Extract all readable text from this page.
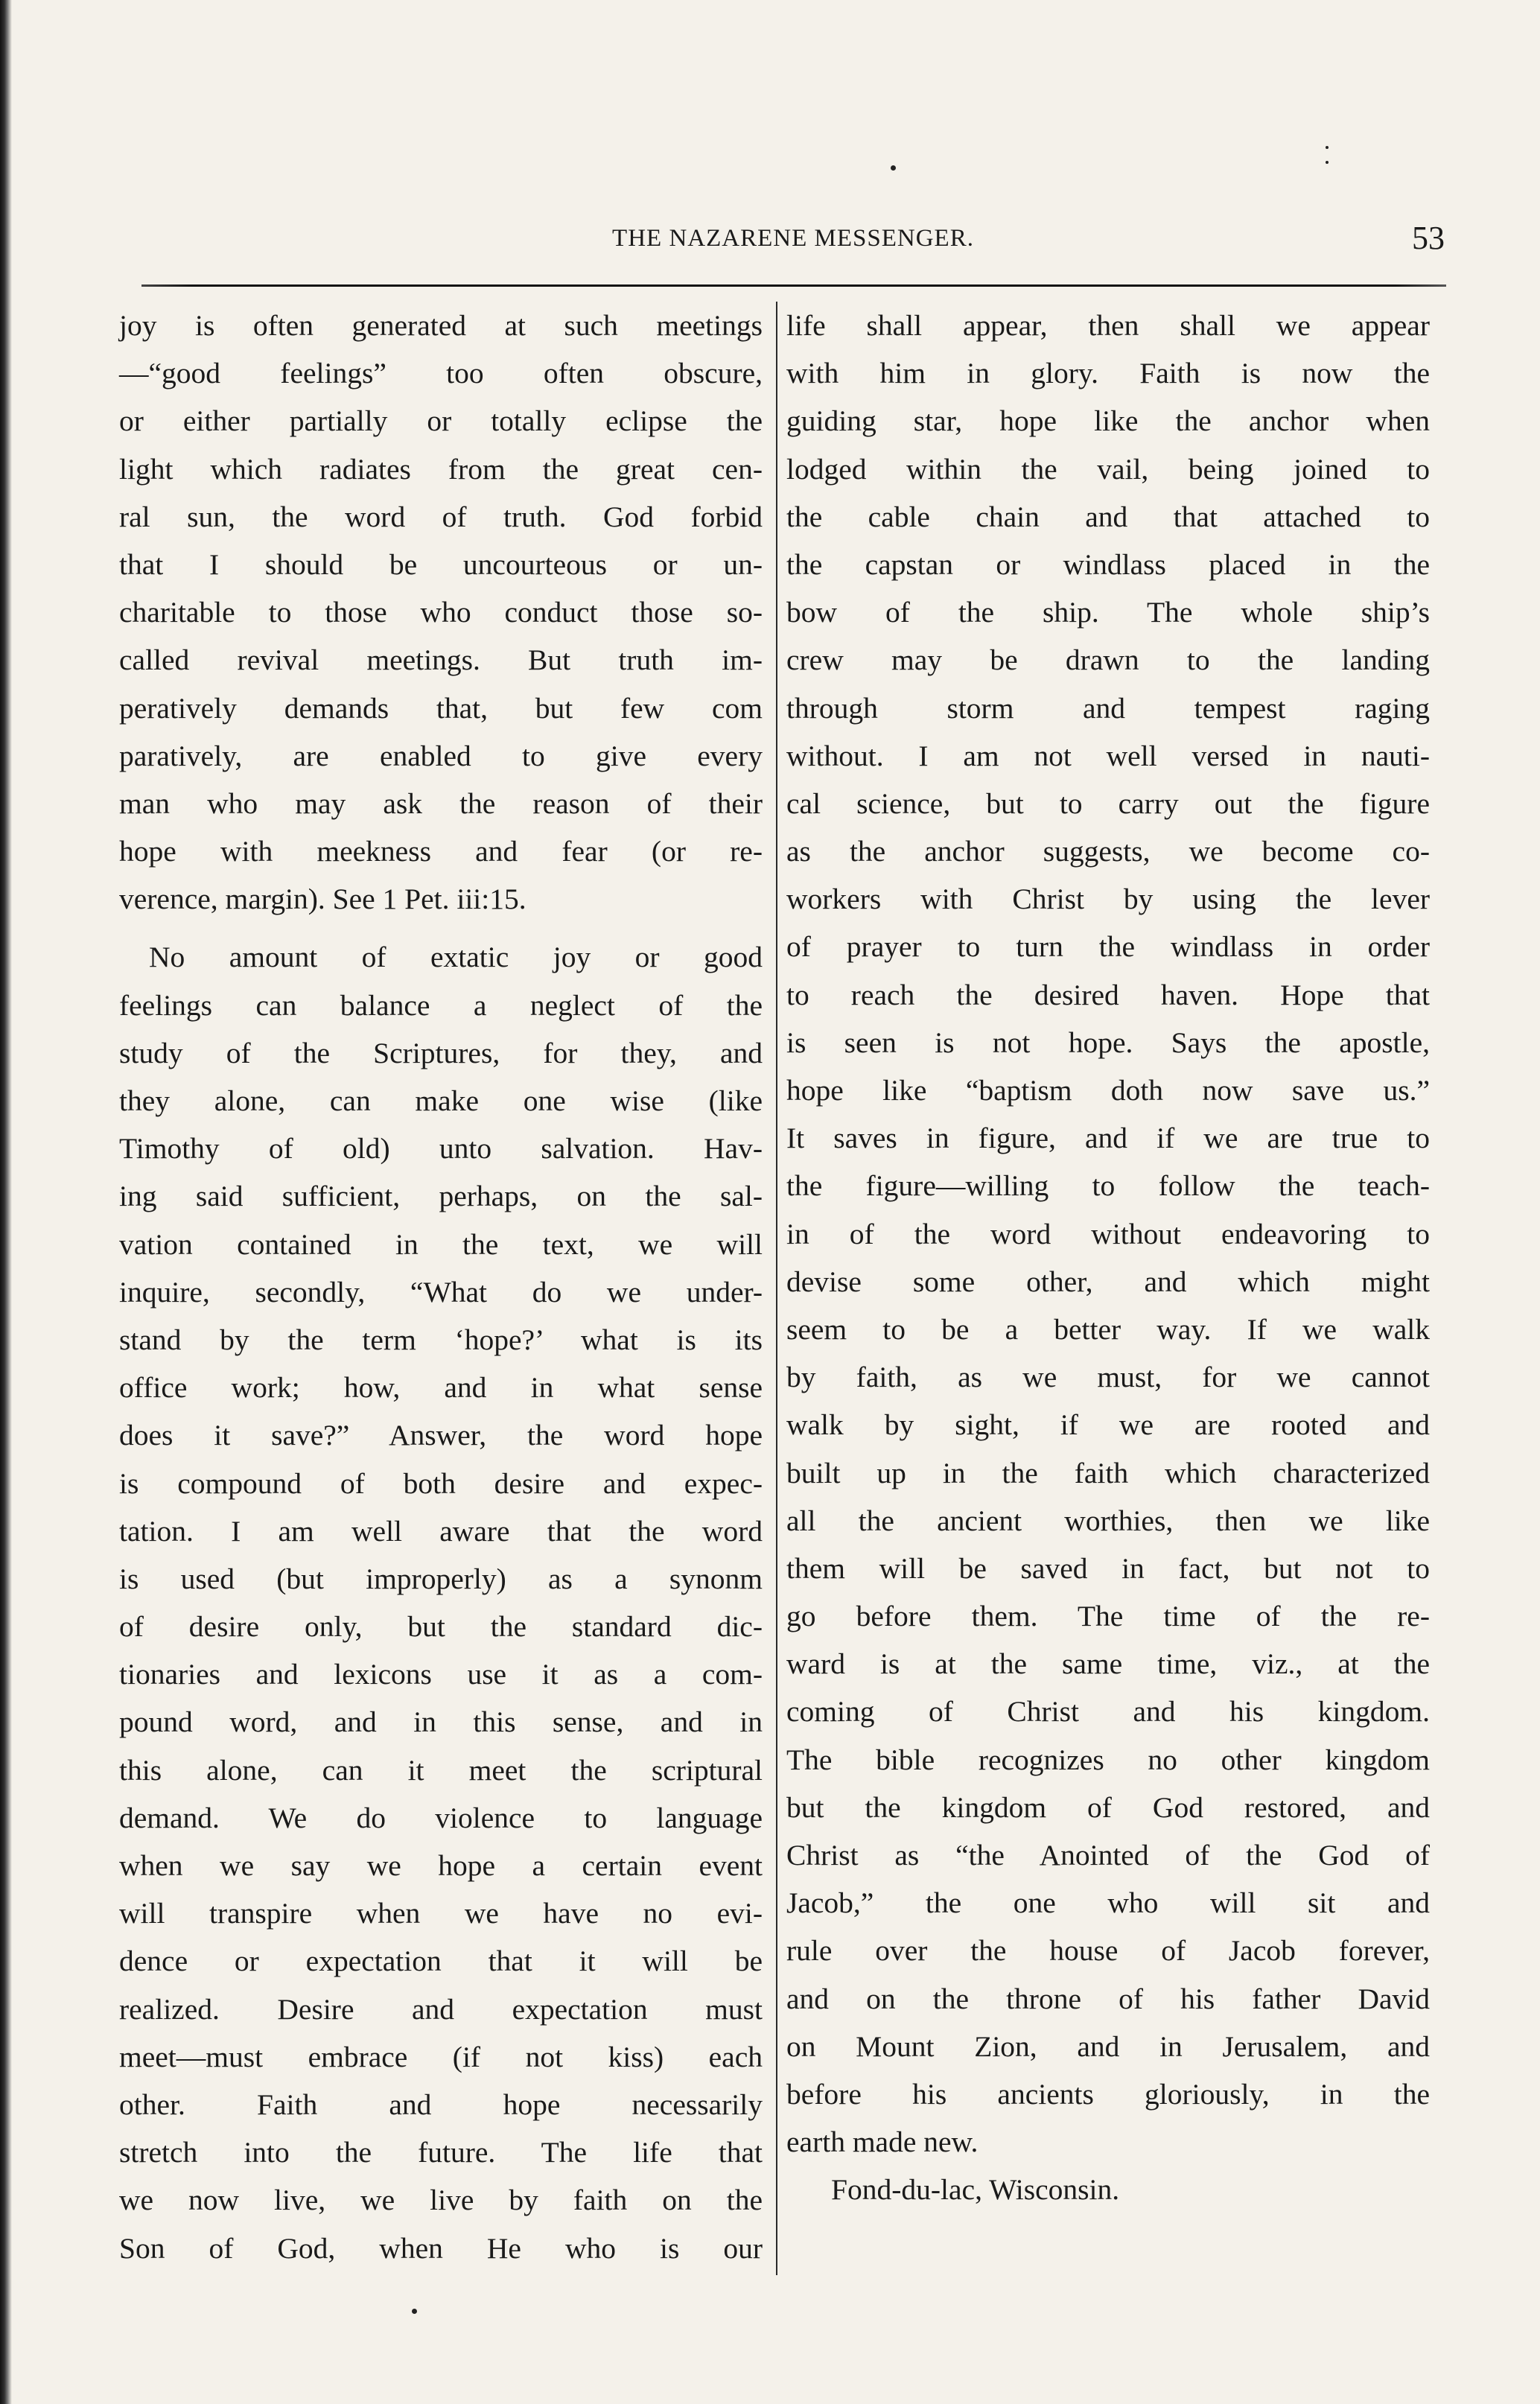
THE NAZARENE MESSENGER.	53
joy is often generated at such meetings
—“good feelings” too often obscure,
or either partially or totally eclipse the
light which radiates from the great cen-
ral sun, the word of truth. God forbid
that I should be uncourteous or un-
charitable to those who conduct those so-
called revival meetings. But truth im-
peratively demands that, but few com
paratively, are enabled to give every
man who may ask the reason of their
hope with meekness and fear (or re-
verence, margin). See 1 Pet. iii:15.
No amount of extatic joy or good
feelings can balance a neglect of the
study of the Scriptures, for they, and
they alone, can make one wise (like
Timothy of old) unto salvation. Hav-
ing said sufficient, perhaps, on the sal-
vation contained in the text, we will
inquire, secondly, “What do we under-
stand by the term ‘hope?’ what is its
office work; how, and in what sense
does it save?” Answer, the word hope
is compound of both desire and expec-
tation. I am well aware that the word
is used (but improperly) as a synonm
of desire only, but the standard dic-
tionaries and lexicons use it as a com-
pound word, and in this sense, and in
this alone, can it meet the scriptural
demand. We do violence to language
when we say we hope a certain event
will transpire when we have no evi-
dence or expectation that it will be
realized. Desire and expectation must
meet—must embrace (if not kiss) each
other. Faith and hope necessarily
stretch into the future. The life that
we now live, we live by faith on the
Son of God, when He who is our
life shall appear, then shall we appear
with him in glory. Faith is now the
guiding star, hope like the anchor when
lodged within the vail, being joined to
the cable chain and that attached to
the capstan or windlass placed in the
bow of the ship. The whole ship’s
crew may be drawn to the landing
through storm and tempest raging
without. I am not well versed in nauti-
cal science, but to carry out the figure
as the anchor suggests, we become co-
workers with Christ by using the lever
of prayer to turn the windlass in order
to reach the desired haven. Hope that
is seen is not hope. Says the apostle,
hope like “baptism doth now save us.”
It saves in figure, and if we are true to
the figure—willing to follow the teach-
in of the word without endeavoring to
devise some other, and which might
seem to be a better way. If we walk
by faith, as we must, for we cannot
walk by sight, if we are rooted and
built up in the faith which characterized
all the ancient worthies, then we like
them will be saved in fact, but not to
go before them. The time of the re-
ward is at the same time, viz., at the
coming of Christ and his kingdom.
The bible recognizes no other kingdom
but the kingdom of God restored, and
Christ as “the Anointed of the God of
Jacob,” the one who will sit and
rule over the house of Jacob forever,
and on the throne of his father David
on Mount Zion, and in Jerusalem, and
before his ancients gloriously, in the
earth made new.
Fond-du-lac, Wisconsin.
